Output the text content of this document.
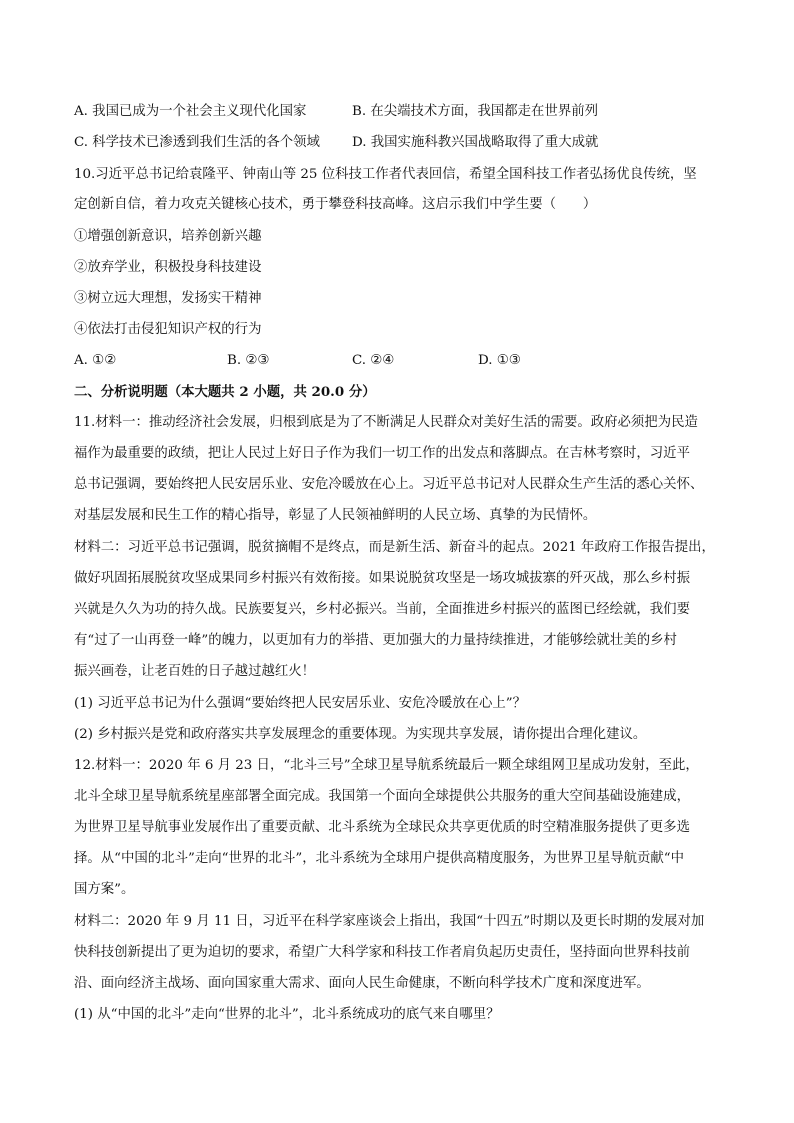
A. 我国已成为一个社会主义现代化国家	B. 在尖端技术方面，我国都走在世界前列
C. 科学技术已渗透到我们生活的各个领域 D. 我国实施科教兴国战略取得了重大成就
10.习近平总书记给袁隆平、钟南山等 25 位科技工作者代表回信，希望全国科技工作者弘扬优良传统，坚
定创新自信，着力攻克关键核心技术，勇于攀登科技高峰。这启示我们中学生要（　　）
①增强创新意识，培养创新兴趣
②放弃学业，积极投身科技建设
③树立远大理想，发扬实干精神
④依法打击侵犯知识产权的行为
A. ①②	B. ②③	C. ②④	D. ①③
二、分析说明题（本大题共 2 小题，共 20.0 分）
11.材料一：推动经济社会发展，归根到底是为了不断满足人民群众对美好生活的需要。政府必须把为民造
福作为最重要的政绩，把让人民过上好日子作为我们一切工作的出发点和落脚点。在吉林考察时，习近平
总书记强调，要始终把人民安居乐业、安危冷暖放在心上。习近平总书记对人民群众生产生活的悉心关怀、
对基层发展和民生工作的精心指导，彰显了人民领袖鲜明的人民立场、真挚的为民情怀。
材料二：习近平总书记强调，脱贫摘帽不是终点，而是新生活、新奋斗的起点。2021 年政府工作报告提出，
做好巩固拓展脱贫攻坚成果同乡村振兴有效衔接。如果说脱贫攻坚是一场攻城拔寨的歼灭战，那么乡村振
兴就是久久为功的持久战。民族要复兴，乡村必振兴。当前，全面推进乡村振兴的蓝图已经绘就，我们要
有“过了一山再登一峰”的魄力，以更加有力的举措、更加强大的力量持续推进，才能够绘就壮美的乡村
振兴画卷，让老百姓的日子越过越红火！
(1) 习近平总书记为什么强调“要始终把人民安居乐业、安危冷暖放在心上”？
(2) 乡村振兴是党和政府落实共享发展理念的重要体现。为实现共享发展，请你提出合理化建议。
12.材料一：2020 年 6 月 23 日，“北斗三号”全球卫星导航系统最后一颗全球组网卫星成功发射，至此，
北斗全球卫星导航系统星座部署全面完成。我国第一个面向全球提供公共服务的重大空间基础设施建成，
为世界卫星导航事业发展作出了重要贡献、北斗系统为全球民众共享更优质的时空精准服务提供了更多选
择。从“中国的北斗”走向“世界的北斗”，北斗系统为全球用户提供高精度服务，为世界卫星导航贡献“中
国方案”。
材料二：2020 年 9 月 11 日，习近平在科学家座谈会上指出，我国“十四五”时期以及更长时期的发展对加
快科技创新提出了更为迫切的要求，希望广大科学家和科技工作者肩负起历史责任，坚持面向世界科技前
沿、面向经济主战场、面向国家重大需求、面向人民生命健康，不断向科学技术广度和深度进军。
(1) 从“中国的北斗”走向“世界的北斗”，北斗系统成功的底气来自哪里？
